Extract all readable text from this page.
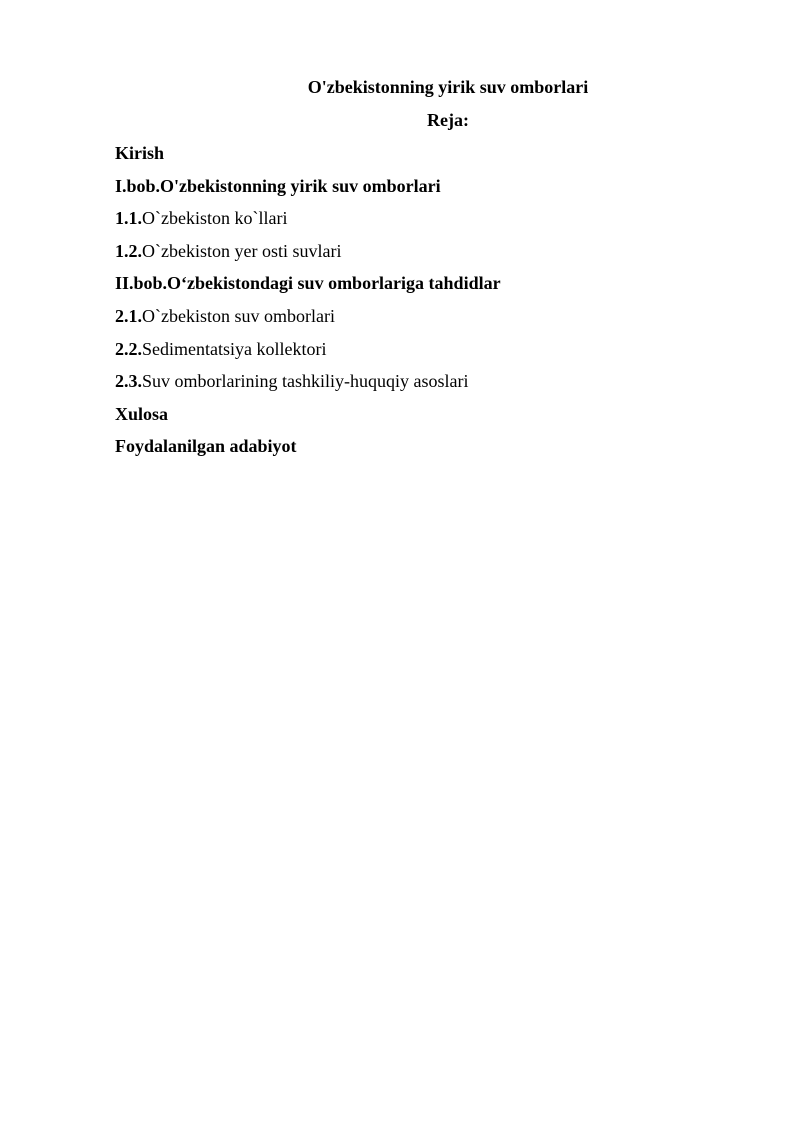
O'zbekistonning yirik suv omborlari
Reja:
Kirish
I.bob.O'zbekistonning yirik suv omborlari
1.1.O`zbekiston ko`llari
1.2.O`zbekiston yer osti suvlari
II.bob.O‘zbekistondagi suv omborlariga tahdidlar
2.1.O`zbekiston suv omborlari
2.2.Sedimentatsiya kollektori
2.3.Suv omborlarining tashkiliy-huquqiy asoslari
Xulosa
Foydalanilgan adabiyot
